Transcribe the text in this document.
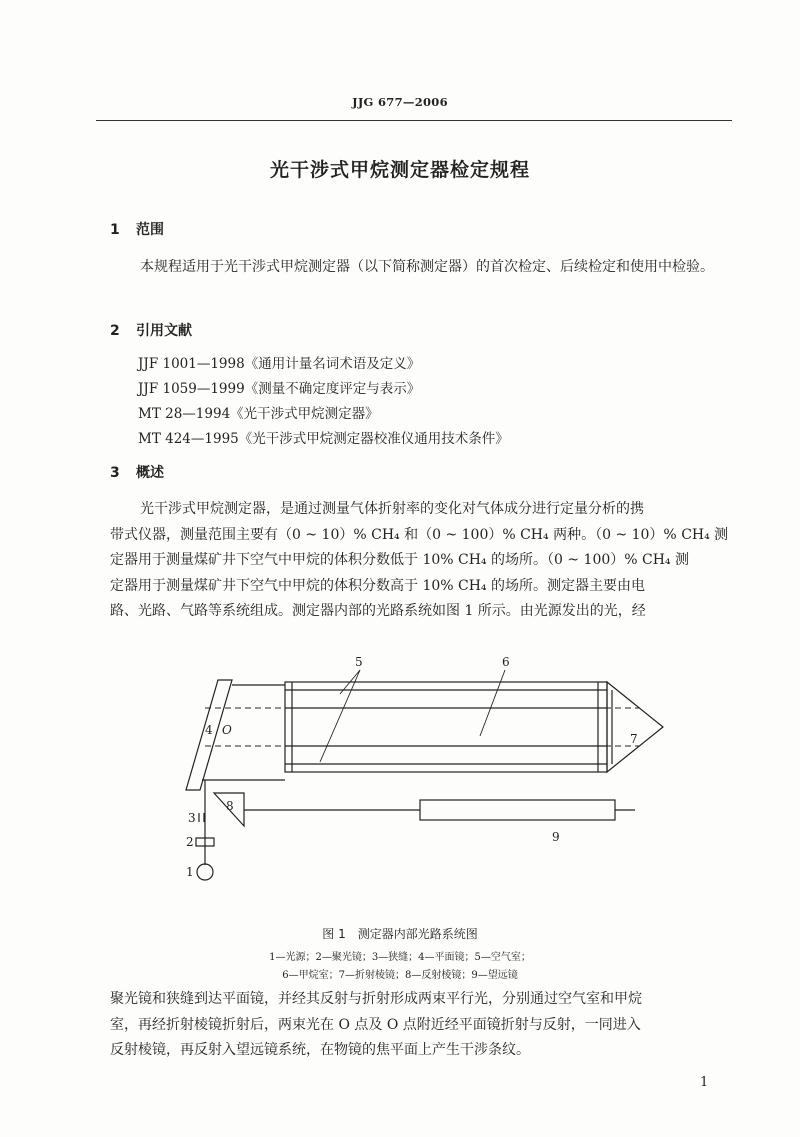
JJG 677—2006
光干涉式甲烷测定器检定规程
1 范围
本规程适用于光干涉式甲烷测定器（以下简称测定器）的首次检定、后续检定和使用中检验。
2 引用文献
JJF 1001—1998《通用计量名词术语及定义》
JJF 1059—1999《测量不确定度评定与表示》
MT 28—1994《光干涉式甲烷测定器》
MT 424—1995《光干涉式甲烷测定器校准仪通用技术条件》
3 概述
光干涉式甲烷测定器，是通过测量气体折射率的变化对气体成分进行定量分析的携
带式仪器，测量范围主要有（0 ~ 10）% CH₄ 和（0 ~ 100）% CH₄ 两种。（0 ~ 10）% CH₄ 测
定器用于测量煤矿井下空气中甲烷的体积分数低于 10% CH₄ 的场所。（0 ~ 100）% CH₄ 测
定器用于测量煤矿井下空气中甲烷的体积分数高于 10% CH₄ 的场所。测定器主要由电
路、光路、气路等系统组成。测定器内部的光路系统如图 1 所示。由光源发出的光，经
5	6
7
8
9
4
3
2
1
O
图 1　测定器内部光路系统图
1—光源；2—聚光镜；3—狭缝；4—平面镜；5—空气室；
6—甲烷室；7—折射棱镜；8—反射棱镜；9—望远镜
聚光镜和狭缝到达平面镜，并经其反射与折射形成两束平行光，分别通过空气室和甲烷
室，再经折射棱镜折射后，两束光在 O 点及 O 点附近经平面镜折射与反射，一同进入
反射棱镜，再反射入望远镜系统，在物镜的焦平面上产生干涉条纹。
1
